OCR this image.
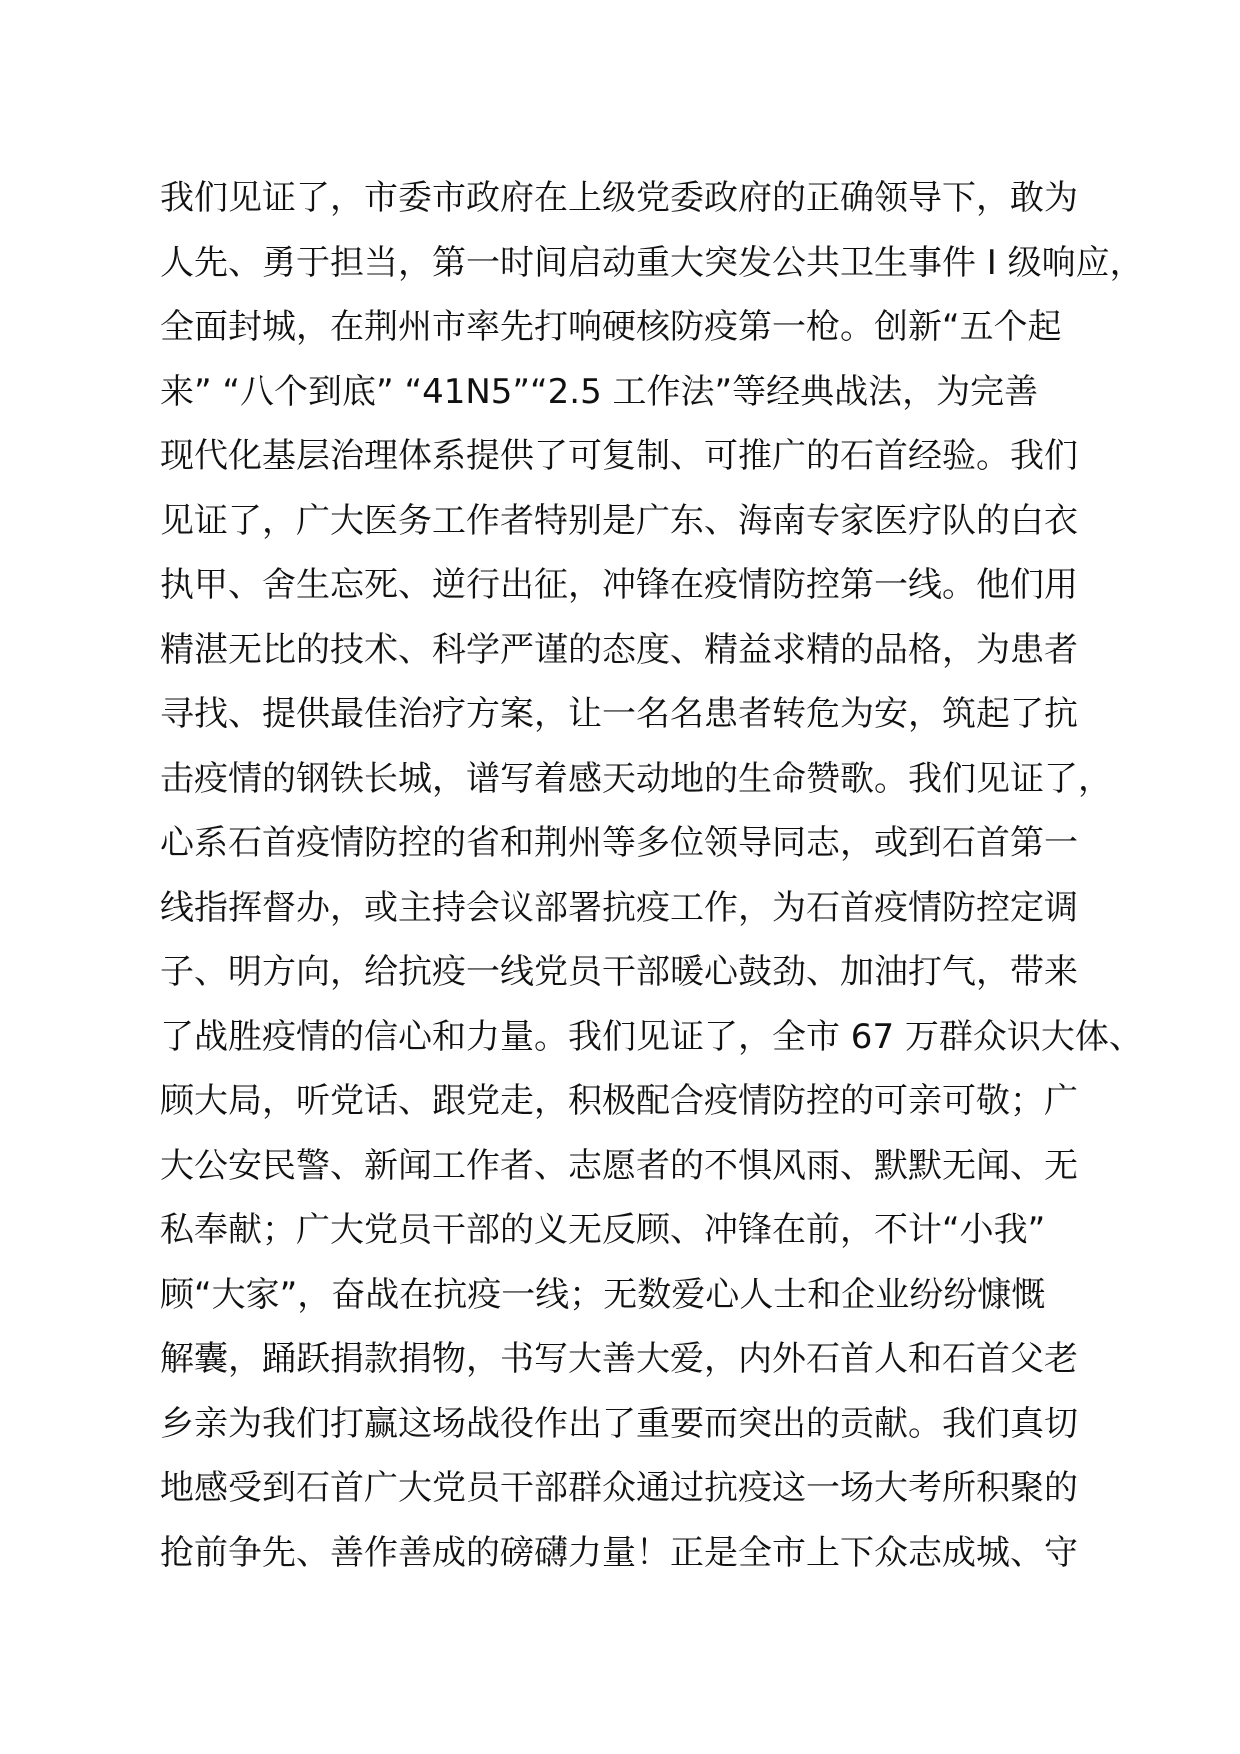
我们见证了，市委市政府在上级党委政府的正确领导下，敢为
人先、勇于担当，第一时间启动重大突发公共卫生事件 I 级响应，
全面封城，在荆州市率先打响硬核防疫第一枪。创新“五个起
来” “八个到底” “41N5”“2.5 工作法”等经典战法，为完善
现代化基层治理体系提供了可复制、可推广的石首经验。我们
见证了，广大医务工作者特别是广东、海南专家医疗队的白衣
执甲、舍生忘死、逆行出征，冲锋在疫情防控第一线。他们用
精湛无比的技术、科学严谨的态度、精益求精的品格，为患者
寻找、提供最佳治疗方案，让一名名患者转危为安，筑起了抗
击疫情的钢铁长城，谱写着感天动地的生命赞歌。我们见证了，
心系石首疫情防控的省和荆州等多位领导同志，或到石首第一
线指挥督办，或主持会议部署抗疫工作，为石首疫情防控定调
子、明方向，给抗疫一线党员干部暖心鼓劲、加油打气，带来
了战胜疫情的信心和力量。我们见证了，全市 67 万群众识大体、
顾大局，听党话、跟党走，积极配合疫情防控的可亲可敬；广
大公安民警、新闻工作者、志愿者的不惧风雨、默默无闻、无
私奉献；广大党员干部的义无反顾、冲锋在前，不计“小我”
顾“大家”，奋战在抗疫一线；无数爱心人士和企业纷纷慷慨
解囊，踊跃捐款捐物，书写大善大爱，内外石首人和石首父老
乡亲为我们打赢这场战役作出了重要而突出的贡献。我们真切
地感受到石首广大党员干部群众通过抗疫这一场大考所积聚的
抢前争先、善作善成的磅礴力量！正是全市上下众志成城、守
